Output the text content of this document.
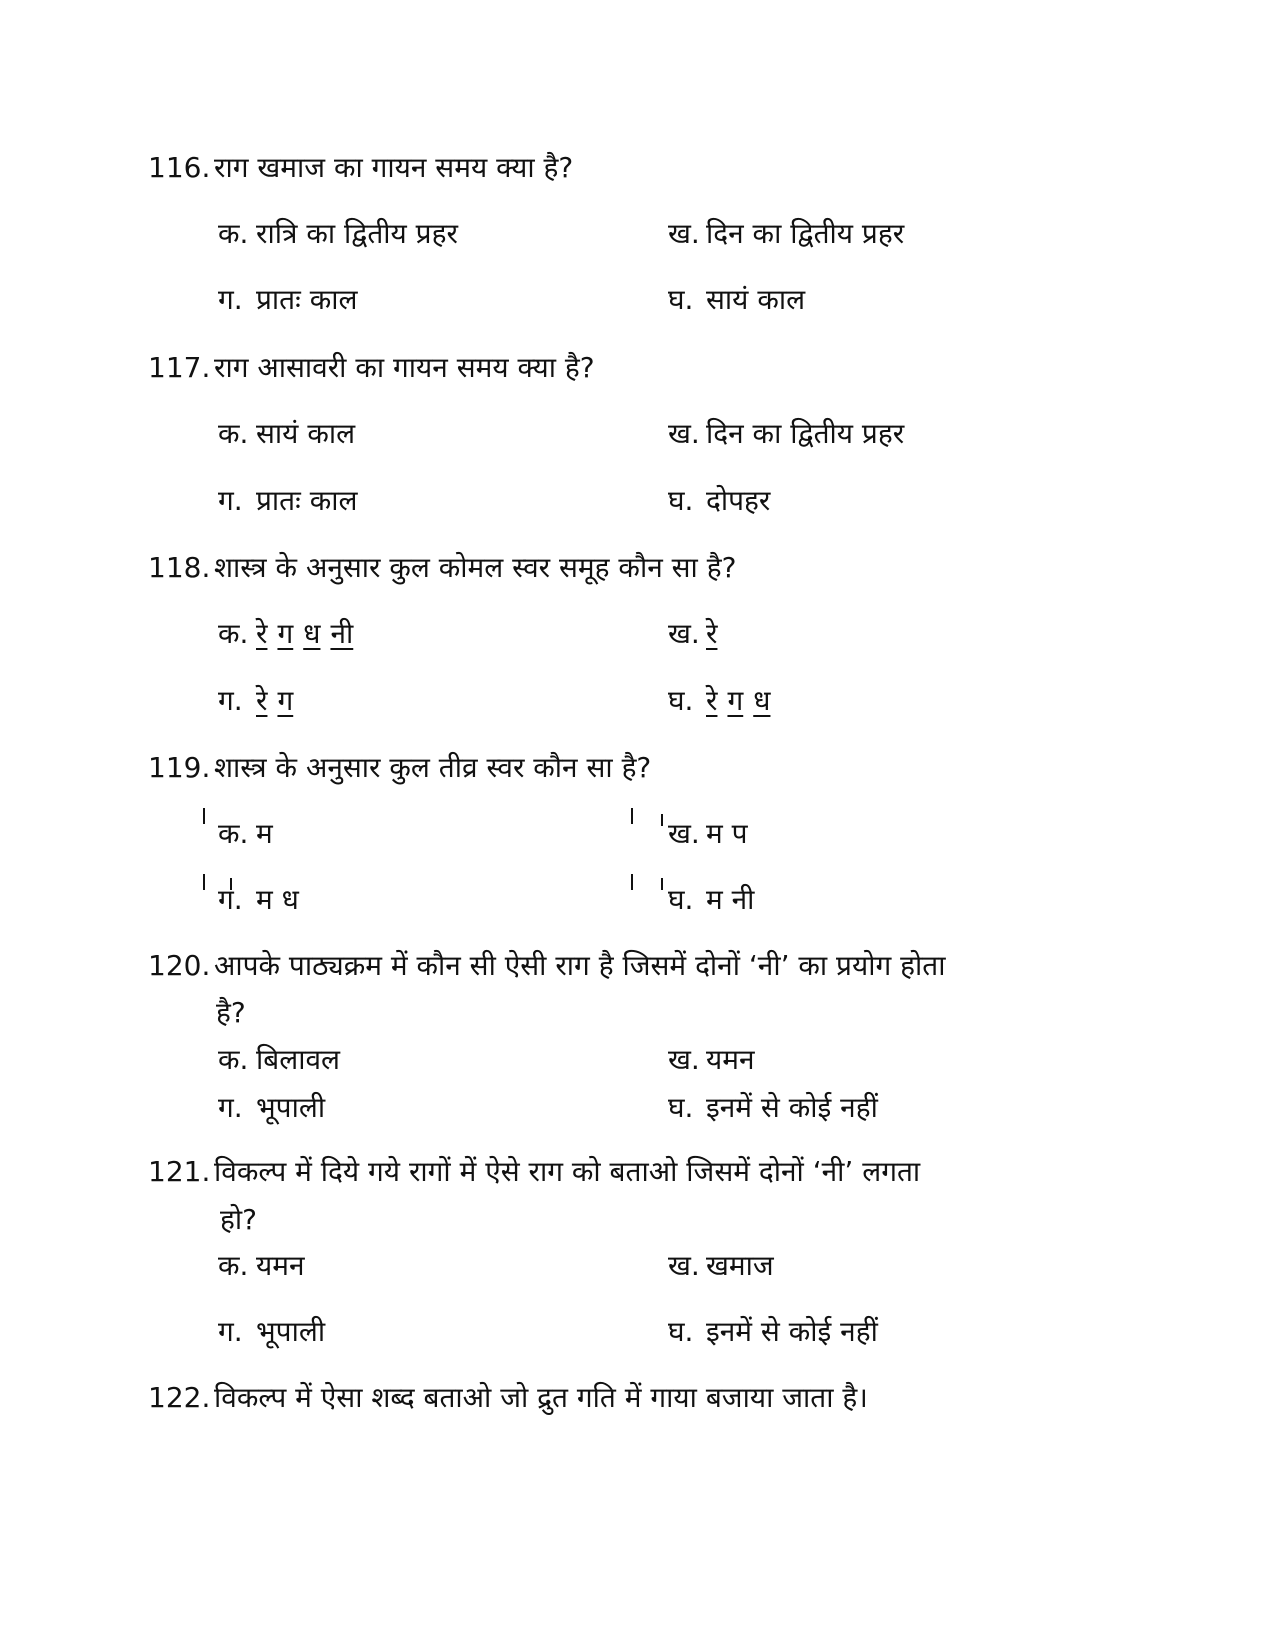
116. राग खमाज का गायन समय क्या है?
क. रात्रि का द्वितीय प्रहर	ख. दिन का द्वितीय प्रहर
ग. प्रातः काल	घ. सायं काल
117. राग आसावरी का गायन समय क्या है?
क. सायं काल	ख. दिन का द्वितीय प्रहर
ग. प्रातः काल	घ. दोपहर
118. शास्त्र के अनुसार कुल कोमल स्वर समूह कौन सा है?
क. रे ग ध नी	ख. रे
ग. रे ग	घ. रे ग ध
119. शास्त्र के अनुसार कुल तीव्र स्वर कौन सा है?
क. म	ख. म प
ग. म ध	घ. म नी
120. आपके पाठ्यक्रम में कौन सी ऐसी राग है जिसमें दोनों ‘नी’ का प्रयोग होता
है?
क. बिलावल	ख. यमन
ग. भूपाली	घ. इनमें से कोई नहीं
121. विकल्प में दिये गये रागों में ऐसे राग को बताओ जिसमें दोनों ‘नी’ लगता
हो?
क. यमन	ख. खमाज
ग. भूपाली	घ. इनमें से कोई नहीं
122. विकल्प में ऐसा शब्द बताओ जो द्रुत गति में गाया बजाया जाता है।
